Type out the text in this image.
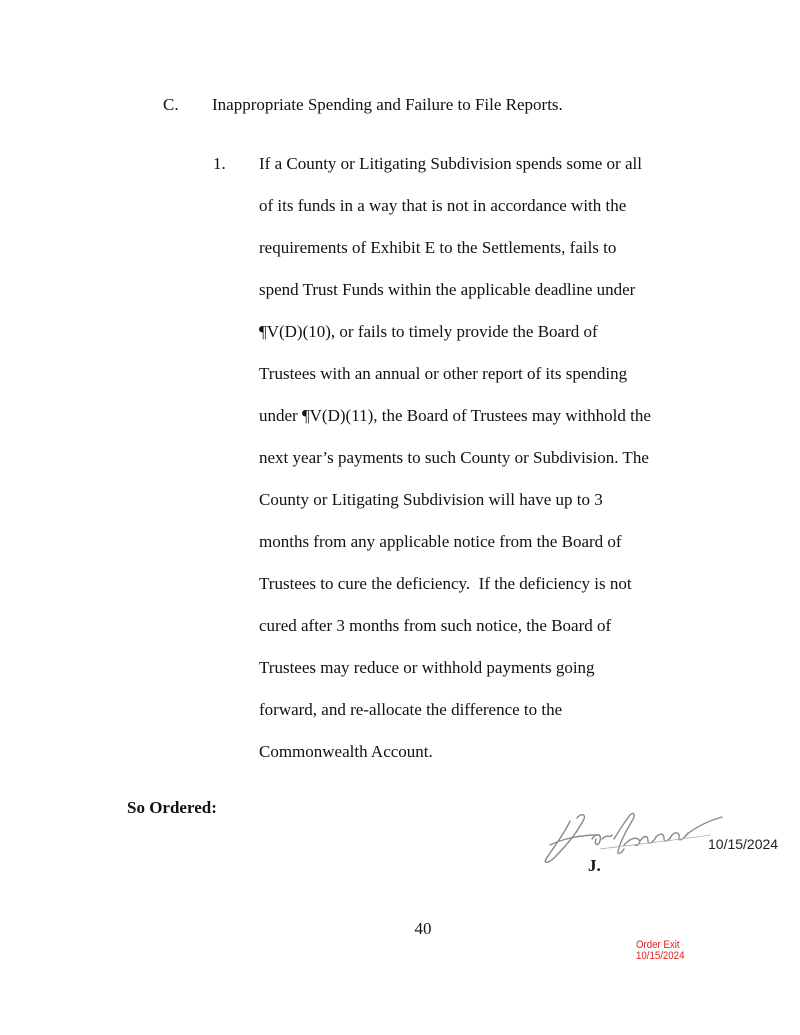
C. Inappropriate Spending and Failure to File Reports.
1. If a County or Litigating Subdivision spends some or all
of its funds in a way that is not in accordance with the
requirements of Exhibit E to the Settlements, fails to
spend Trust Funds within the applicable deadline under
¶V(D)(10), or fails to timely provide the Board of
Trustees with an annual or other report of its spending
under ¶V(D)(11), the Board of Trustees may withhold the
next year’s payments to such County or Subdivision. The
County or Litigating Subdivision will have up to 3
months from any applicable notice from the Board of
Trustees to cure the deficiency.  If the deficiency is not
cured after 3 months from such notice, the Board of
Trustees may reduce or withhold payments going
forward, and re-allocate the difference to the
Commonwealth Account.
So Ordered:
10/15/2024
J.
40
Order Exit
10/15/2024
